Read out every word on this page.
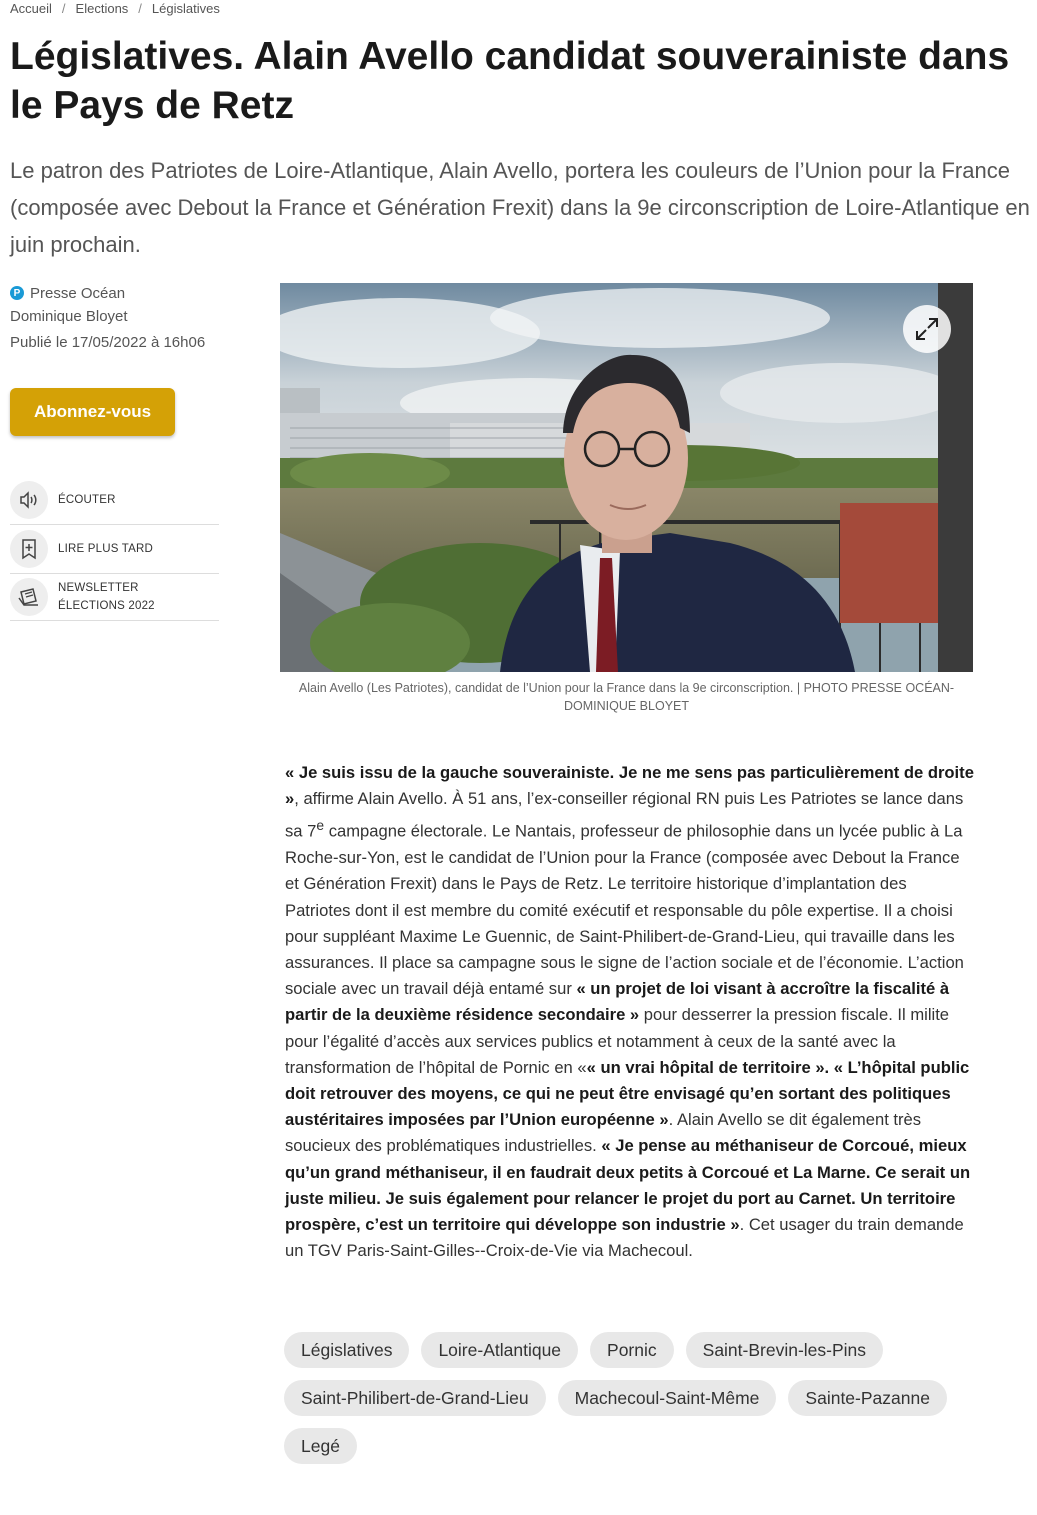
Accueil / Elections / Législatives
Législatives. Alain Avello candidat souverainiste dans le Pays de Retz

Le patron des Patriotes de Loire-Atlantique, Alain Avello, portera les couleurs de l’Union pour la France (composée avec Debout la France et Génération Frexit) dans la 9e circonscription de Loire-Atlantique en juin prochain.

P Presse Océan
Dominique Bloyet
Publié le 17/05/2022 à 16h06
Abonnez-vous
ÉCOUTER
LIRE PLUS TARD
NEWSLETTER ÉLECTIONS 2022
Alain Avello (Les Patriotes), candidat de l’Union pour la France dans la 9e circonscription. | PHOTO PRESSE OCÉAN-DOMINIQUE BLOYET

« Je suis issu de la gauche souverainiste. Je ne me sens pas particulièrement de droite », affirme Alain Avello. À 51 ans, l’ex-conseiller régional RN puis Les Patriotes se lance dans sa 7e campagne électorale. Le Nantais, professeur de philosophie dans un lycée public à La Roche-sur-Yon, est le candidat de l’Union pour la France (composée avec Debout la France et Génération Frexit) dans le Pays de Retz. Le territoire historique d’implantation des Patriotes dont il est membre du comité exécutif et responsable du pôle expertise. Il a choisi pour suppléant Maxime Le Guennic, de Saint-Philibert-de-Grand-Lieu, qui travaille dans les assurances. Il place sa campagne sous le signe de l’action sociale et de l’économie. L’action sociale avec un travail déjà entamé sur « un projet de loi visant à accroître la fiscalité à partir de la deuxième résidence secondaire » pour desserrer la pression fiscale. Il milite pour l’égalité d’accès aux services publics et notamment à ceux de la santé avec la transformation de l’hôpital de Pornic en «« un vrai hôpital de territoire ». « L’hôpital public doit retrouver des moyens, ce qui ne peut être envisagé qu’en sortant des politiques austéritaires imposées par l’Union européenne ». Alain Avello se dit également très soucieux des problématiques industrielles. « Je pense au méthaniseur de Corcoué, mieux qu’un grand méthaniseur, il en faudrait deux petits à Corcoué et La Marne. Ce serait un juste milieu. Je suis également pour relancer le projet du port au Carnet. Un territoire prospère, c’est un territoire qui développe son industrie ». Cet usager du train demande un TGV Paris-Saint-Gilles--Croix-de-Vie via Machecoul.

Législatives	Loire-Atlantique	Pornic	Saint-Brevin-les-Pins
Saint-Philibert-de-Grand-Lieu	Machecoul-Saint-Même	Sainte-Pazanne
Legé
